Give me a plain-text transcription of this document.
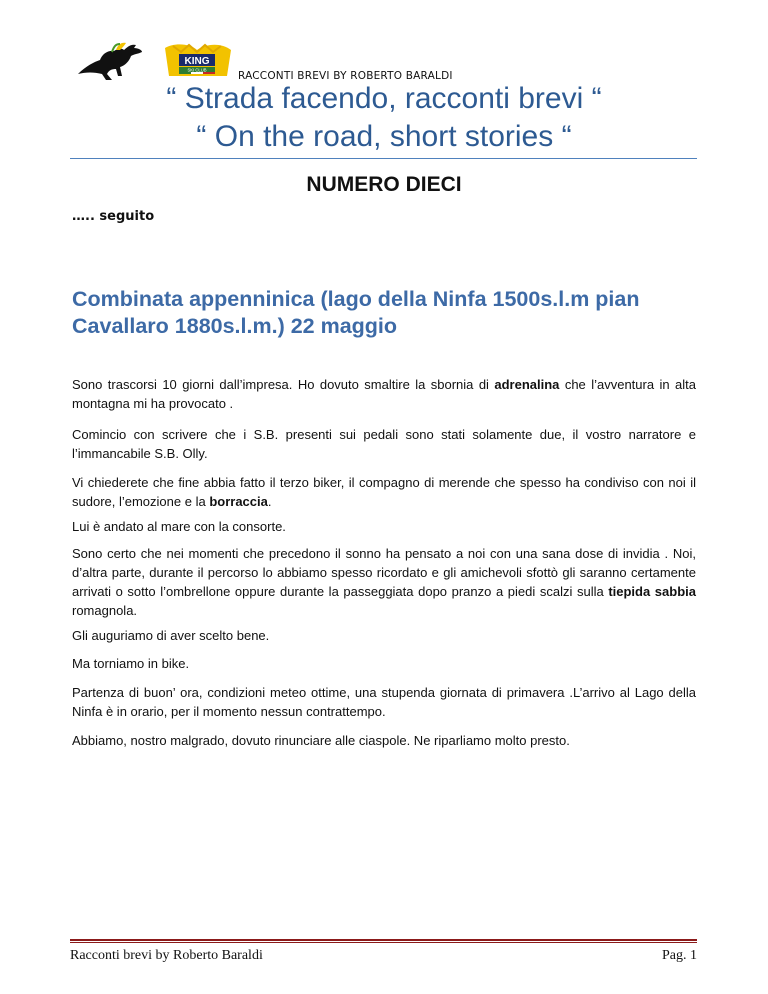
KING
SKI CLUB
RACCONTI BREVI BY ROBERTO BARALDI
“ Strada facendo, racconti brevi “
“ On the road, short stories “
NUMERO DIECI
….. seguito
Combinata appenninica (lago della Ninfa 1500s.l.m pian
Cavallaro 1880s.l.m.) 22 maggio
Sono trascorsi 10 giorni dall’impresa. Ho dovuto smaltire la sbornia di adrenalina che l’avventura in alta montagna mi ha provocato .
Comincio con scrivere che i S.B. presenti sui pedali sono stati solamente due, il vostro narratore e l’immancabile S.B. Olly.
Vi chiederete che fine abbia fatto il terzo biker, il compagno di merende che spesso ha condiviso con noi il sudore, l’emozione e la borraccia.
Lui è andato al mare con la consorte.
Sono certo che nei momenti che precedono il sonno ha pensato a noi con una sana dose di invidia . Noi, d’altra parte, durante il percorso lo abbiamo spesso ricordato e gli amichevoli sfottò gli saranno certamente arrivati o sotto l’ombrellone oppure durante la passeggiata dopo pranzo a piedi scalzi sulla tiepida sabbia romagnola.
Gli auguriamo di aver scelto bene.
Ma torniamo in bike.
Partenza di buon’ ora, condizioni meteo ottime, una stupenda giornata di primavera .L’arrivo al Lago della Ninfa è in orario, per il momento nessun contrattempo.
Abbiamo, nostro malgrado, dovuto rinunciare alle ciaspole. Ne riparliamo molto presto.
Racconti brevi by Roberto Baraldi	Pag. 1
